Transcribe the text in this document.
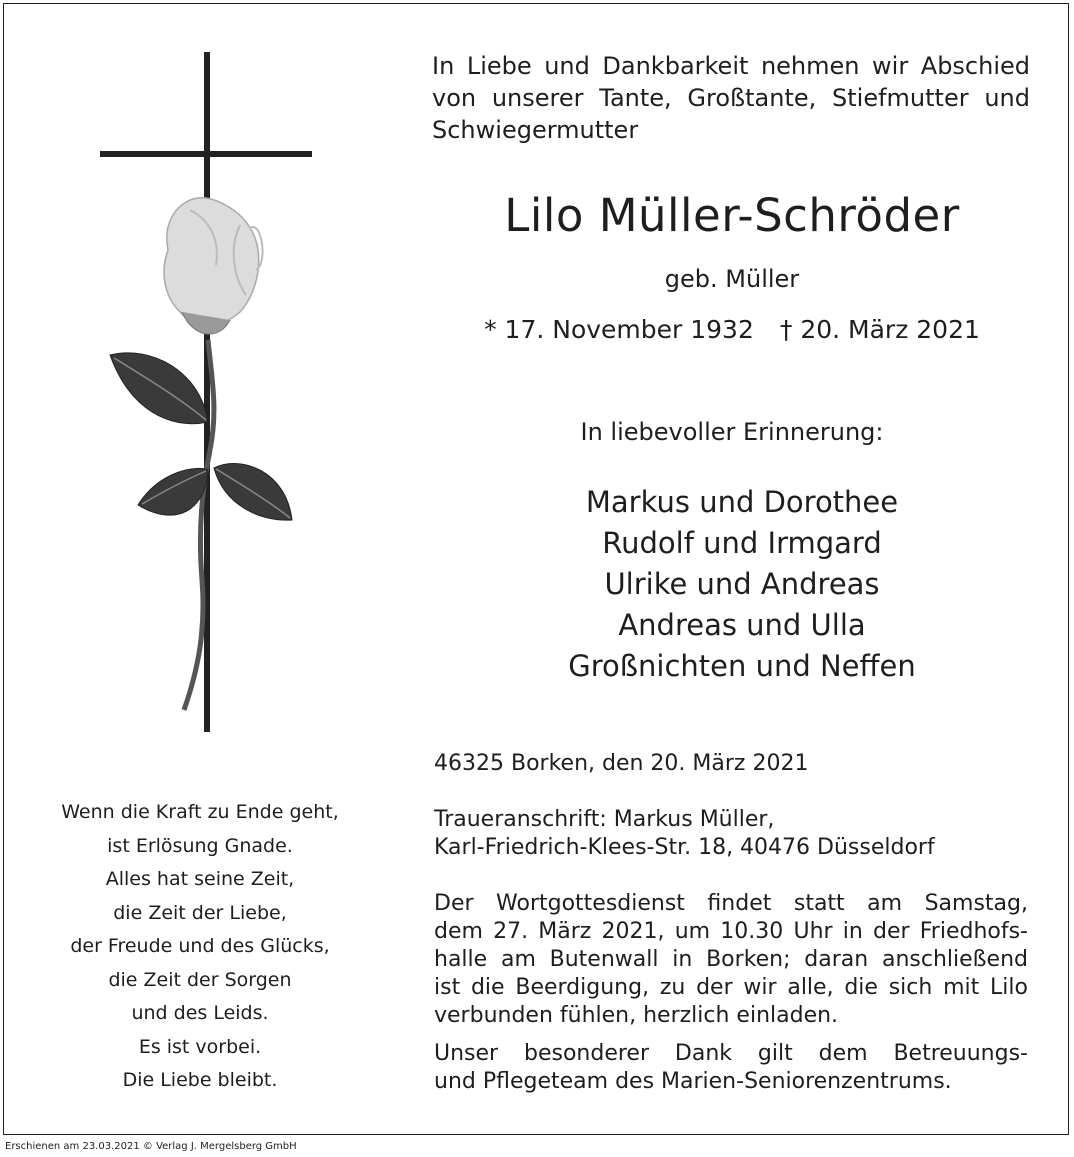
In Liebe und Dankbarkeit nehmen wir Abschied
von unserer Tante, Großtante, Stiefmutter und
Schwiegermutter
Lilo Müller-Schröder
geb. Müller
* 17. November 1932 † 20. März 2021
In liebevoller Erinnerung:
Markus und Dorothee
Rudolf und Irmgard
Ulrike und Andreas
Andreas und Ulla
Großnichten und Neffen
46325 Borken, den 20. März 2021
Traueranschrift: Markus Müller,
Karl-Friedrich-Klees-Str. 18, 40476 Düsseldorf
Der Wortgottesdienst findet statt am Samstag,
dem 27. März 2021, um 10.30 Uhr in der Friedhofs-
halle am Butenwall in Borken; daran anschließend
ist die Beerdigung, zu der wir alle, die sich mit Lilo
verbunden fühlen, herzlich einladen.
Unser besonderer Dank gilt dem Betreuungs-
und Pflegeteam des Marien-Seniorenzentrums.
Wenn die Kraft zu Ende geht,
ist Erlösung Gnade.
Alles hat seine Zeit,
die Zeit der Liebe,
der Freude und des Glücks,
die Zeit der Sorgen
und des Leids.
Es ist vorbei.
Die Liebe bleibt.
Erschienen am 23.03.2021 © Verlag J. Mergelsberg GmbH
